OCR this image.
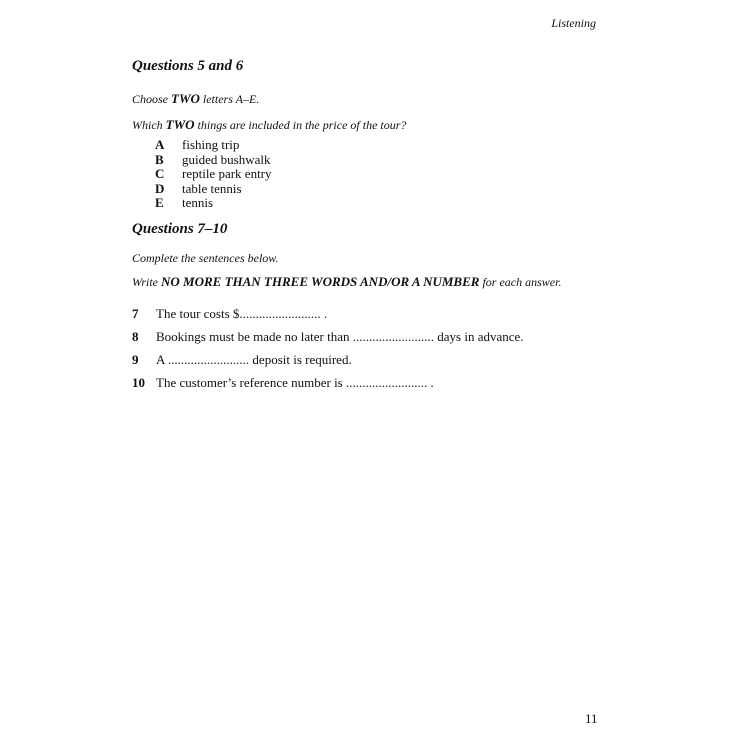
Listening
Questions 5 and 6
Choose TWO letters A–E.
Which TWO things are included in the price of the tour?
A	fishing trip
B	guided bushwalk
C	reptile park entry
D	table tennis
E	tennis
Questions 7–10
Complete the sentences below.
Write NO MORE THAN THREE WORDS AND/OR A NUMBER for each answer.
7	The tour costs $......................... .
8	Bookings must be made no later than ......................... days in advance.
9	A ......................... deposit is required.
10 The customer’s reference number is ......................... .
11
